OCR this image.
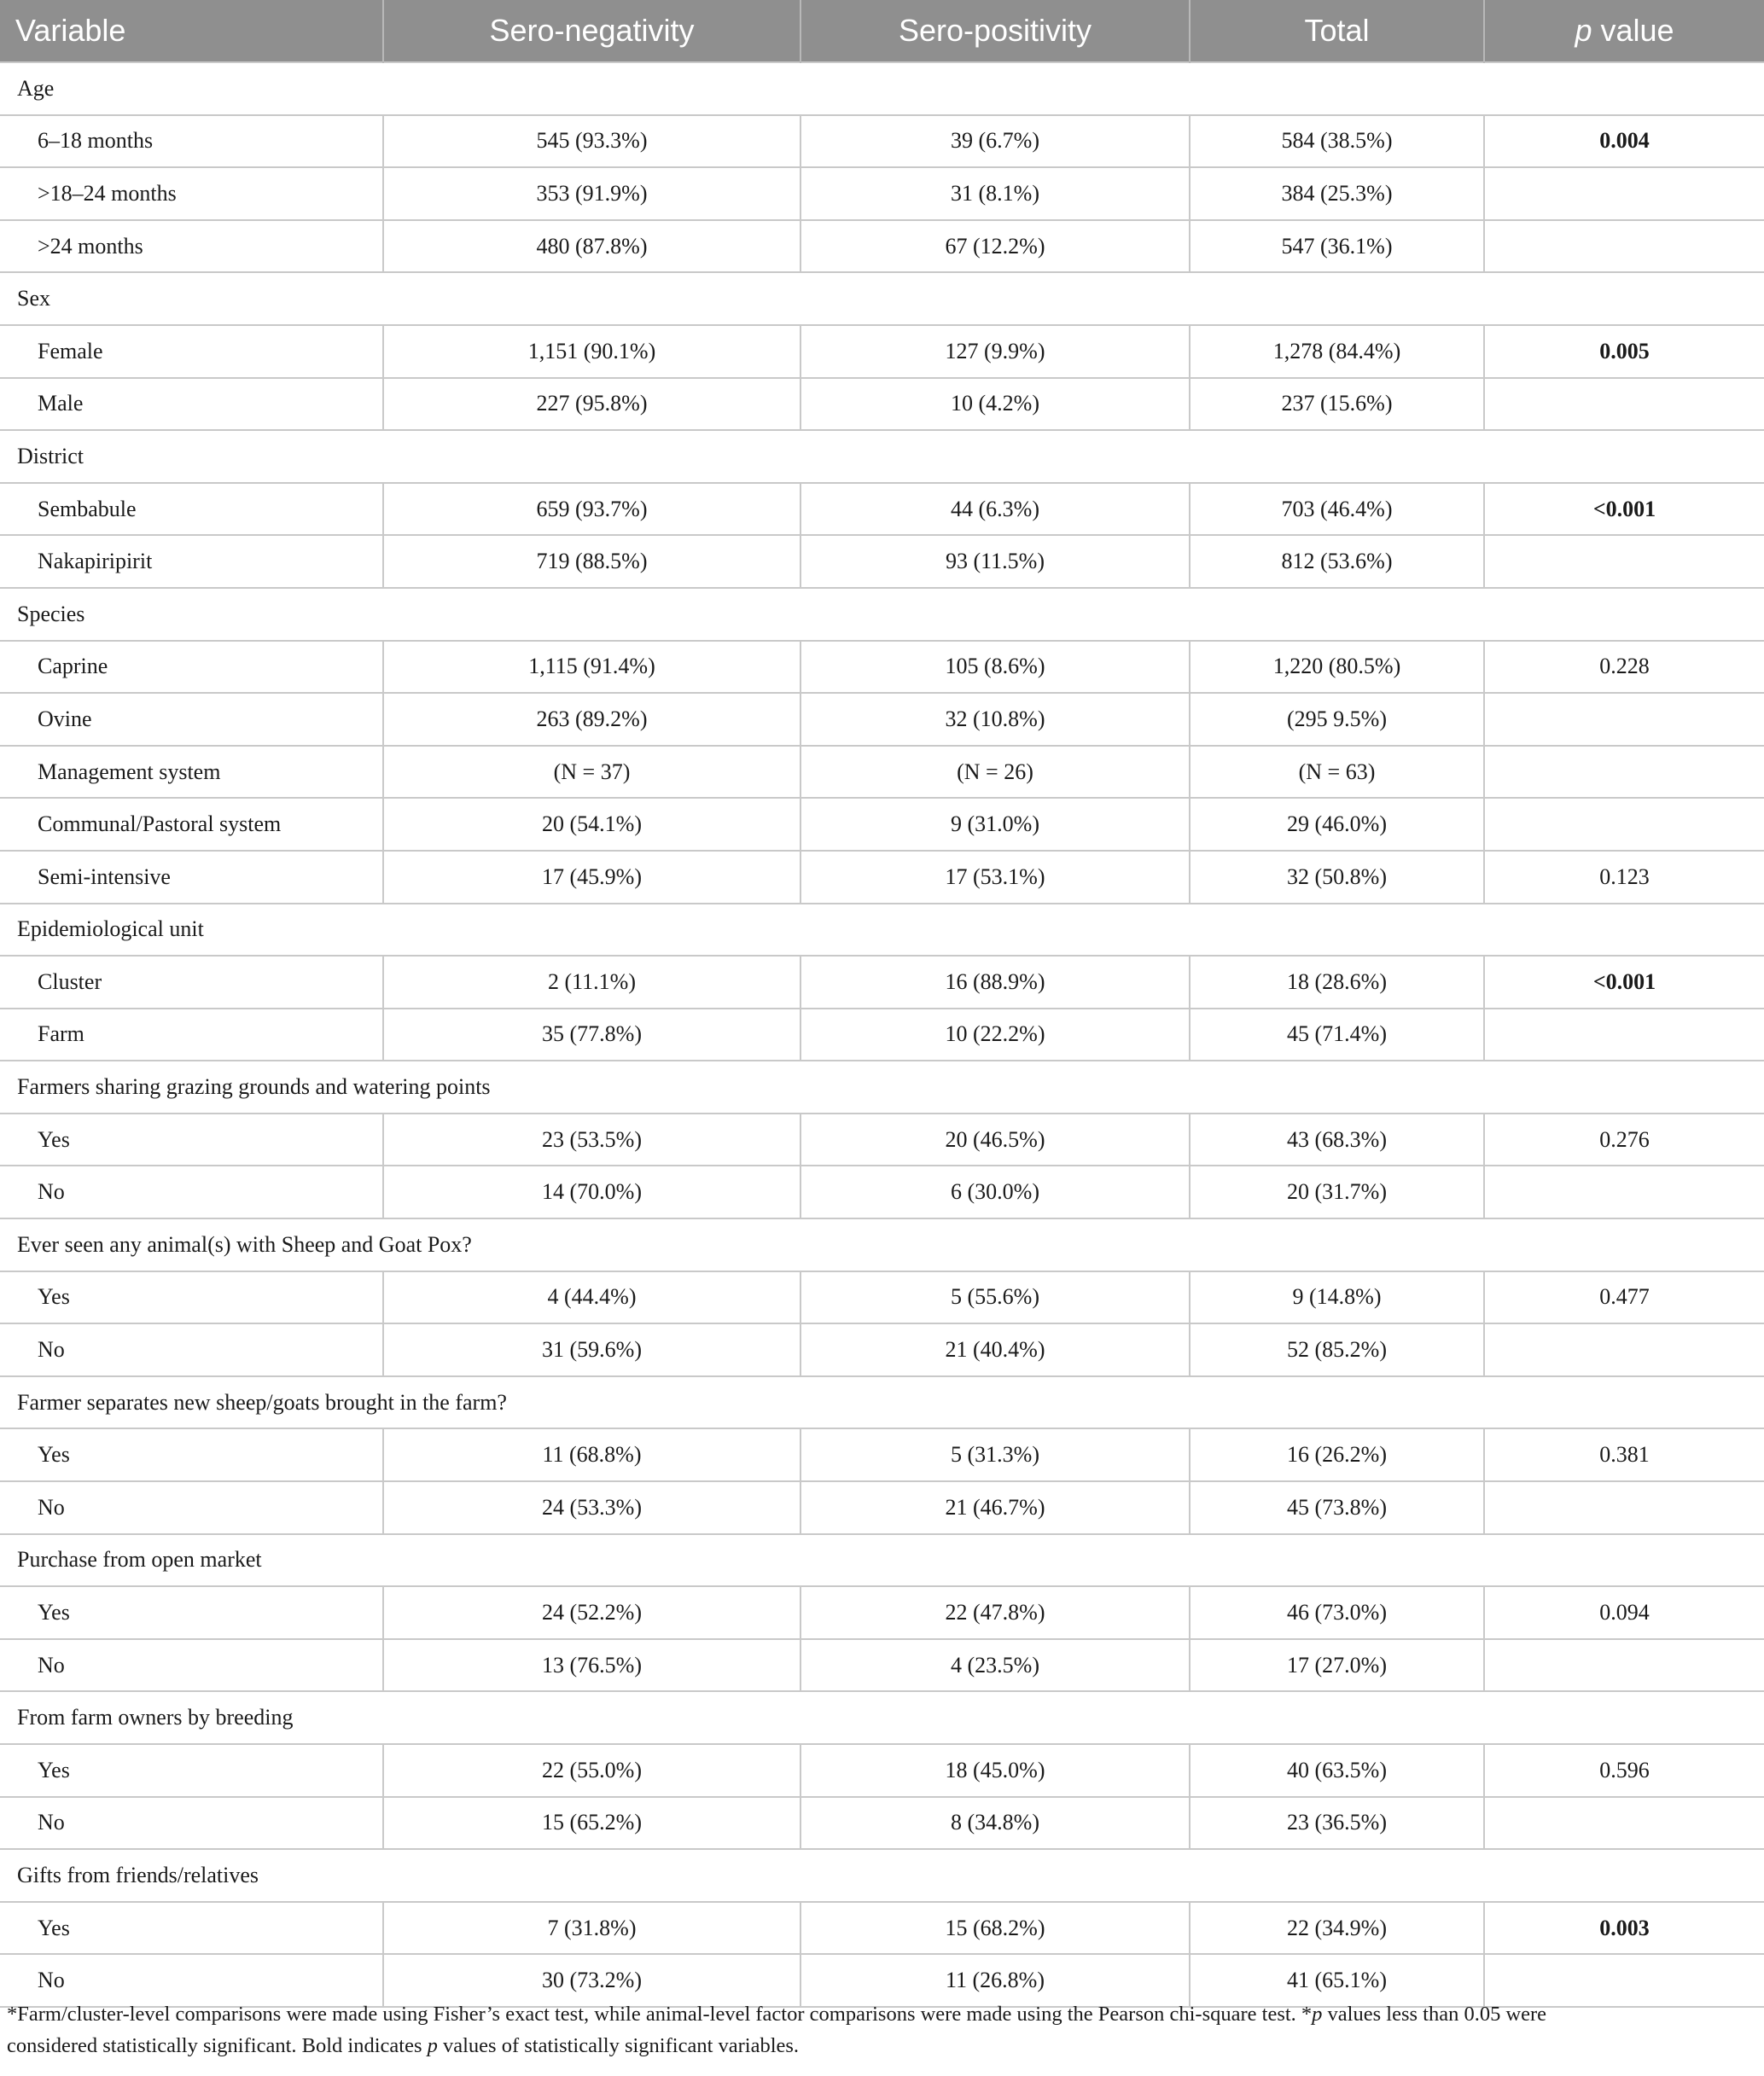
Variable	Sero-negativity	Sero-positivity	Total	p value
Age				
6–18 months	545 (93.3%)	39 (6.7%)	584 (38.5%)	0.004
>18–24 months	353 (91.9%)	31 (8.1%)	384 (25.3%)	
>24 months	480 (87.8%)	67 (12.2%)	547 (36.1%)	
Sex				
Female	1,151 (90.1%)	127 (9.9%)	1,278 (84.4%)	0.005
Male	227 (95.8%)	10 (4.2%)	237 (15.6%)	
District				
Sembabule	659 (93.7%)	44 (6.3%)	703 (46.4%)	<0.001
Nakapiripirit	719 (88.5%)	93 (11.5%)	812 (53.6%)	
Species				
Caprine	1,115 (91.4%)	105 (8.6%)	1,220 (80.5%)	0.228
Ovine	263 (89.2%)	32 (10.8%)	(295 9.5%)	
Management system	(N = 37)	(N = 26)	(N = 63)	
Communal/Pastoral system	20 (54.1%)	9 (31.0%)	29 (46.0%)	
Semi-intensive	17 (45.9%)	17 (53.1%)	32 (50.8%)	0.123
Epidemiological unit				
Cluster	2 (11.1%)	16 (88.9%)	18 (28.6%)	<0.001
Farm	35 (77.8%)	10 (22.2%)	45 (71.4%)	
Farmers sharing grazing grounds and watering points				
Yes	23 (53.5%)	20 (46.5%)	43 (68.3%)	0.276
No	14 (70.0%)	6 (30.0%)	20 (31.7%)	
Ever seen any animal(s) with Sheep and Goat Pox?				
Yes	4 (44.4%)	5 (55.6%)	9 (14.8%)	0.477
No	31 (59.6%)	21 (40.4%)	52 (85.2%)	
Farmer separates new sheep/goats brought in the farm?				
Yes	11 (68.8%)	5 (31.3%)	16 (26.2%)	0.381
No	24 (53.3%)	21 (46.7%)	45 (73.8%)	
Purchase from open market				
Yes	24 (52.2%)	22 (47.8%)	46 (73.0%)	0.094
No	13 (76.5%)	4 (23.5%)	17 (27.0%)	
From farm owners by breeding				
Yes	22 (55.0%)	18 (45.0%)	40 (63.5%)	0.596
No	15 (65.2%)	8 (34.8%)	23 (36.5%)	
Gifts from friends/relatives				
Yes	7 (31.8%)	15 (68.2%)	22 (34.9%)	0.003
No	30 (73.2%)	11 (26.8%)	41 (65.1%)	
*Farm/cluster-level comparisons were made using Fisher’s exact test, while animal-level factor comparisons were made using the Pearson chi-square test. *p values less than 0.05 were
considered statistically significant. Bold indicates p values of statistically significant variables.
